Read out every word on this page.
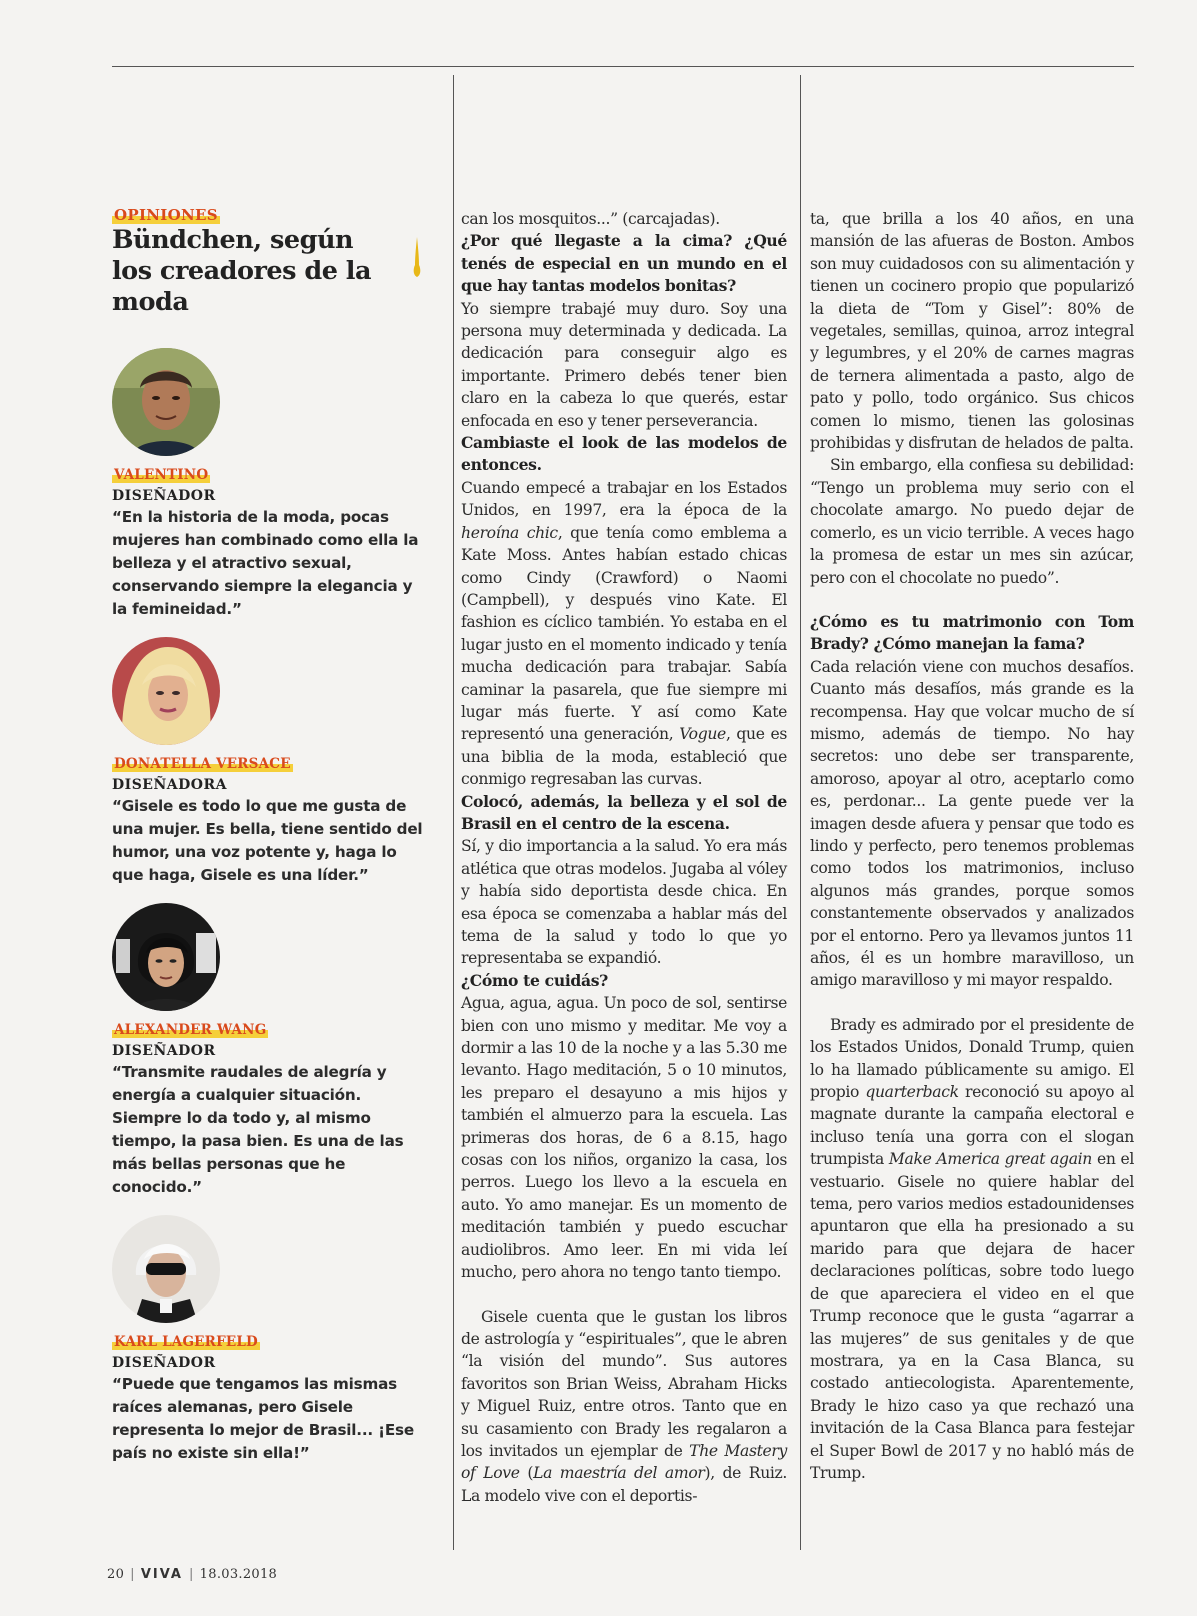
OPINIONES
Bündchen, según
los creadores de la moda
VALENTINO
DISEÑADOR

“En la historia de la moda, pocas mujeres han combinado como ella la belleza y el atractivo sexual, conservando siempre la elegancia y la femineidad.”

DONATELLA VERSACE
DISEÑADORA

“Gisele es todo lo que me gusta de una mujer. Es bella, tiene sentido del humor, una voz potente y, haga lo que haga, Gisele es una líder.”

ALEXANDER WANG
DISEÑADOR

“Transmite raudales de alegría y energía a cualquier situación. Siempre lo da todo y, al mismo tiempo, la pasa bien. Es una de las más bellas personas que he conocido.”

KARL LAGERFELD
DISEÑADOR

“Puede que tengamos las mismas raíces alemanas, pero Gisele representa lo mejor de Brasil... ¡Ese país no existe sin ella!”

can los mosquitos...” (carcajadas).

¿Por qué llegaste a la cima? ¿Qué tenés de especial en un mundo en el que hay tantas modelos bonitas?

Yo siempre trabajé muy duro. Soy una persona muy determinada y dedicada. La dedicación para conseguir algo es importante. Primero debés tener bien claro en la cabeza lo que querés, estar enfocada en eso y tener perseverancia.

Cambiaste el look de las modelos de entonces.

Cuando empecé a trabajar en los Estados Unidos, en 1997, era la época de la heroína chic, que tenía como emblema a Kate Moss. Antes habían estado chicas como Cindy (Crawford) o Naomi (Campbell), y después vino Kate. El fashion es cíclico también. Yo estaba en el lugar justo en el momento indicado y tenía mucha dedicación para trabajar. Sabía caminar la pasarela, que fue siempre mi lugar más fuerte. Y así como Kate representó una generación, Vogue, que es una biblia de la moda, estableció que conmigo regresaban las curvas.

Colocó, además, la belleza y el sol de Brasil en el centro de la escena.

Sí, y dio importancia a la salud. Yo era más atlética que otras modelos. Jugaba al vóley y había sido deportista desde chica. En esa época se comenzaba a hablar más del tema de la salud y todo lo que yo representaba se expandió.

¿Cómo te cuidás?

Agua, agua, agua. Un poco de sol, sentirse bien con uno mismo y meditar. Me voy a dormir a las 10 de la noche y a las 5.30 me levanto. Hago meditación, 5 o 10 minutos, les preparo el desayuno a mis hijos y también el almuerzo para la escuela. Las primeras dos horas, de 6 a 8.15, hago cosas con los niños, organizo la casa, los perros. Luego los llevo a la escuela en auto. Yo amo manejar. Es un momento de meditación también y puedo escuchar audiolibros. Amo leer. En mi vida leí mucho, pero ahora no tengo tanto tiempo.

Gisele cuenta que le gustan los libros de astrología y “espirituales”, que le abren “la visión del mundo”. Sus autores favoritos son Brian Weiss, Abraham Hicks y Miguel Ruiz, entre otros. Tanto que en su casamiento con Brady les regalaron a los invitados un ejemplar de The Mastery of Love (La maestría del amor), de Ruiz. La modelo vive con el deportis-

ta, que brilla a los 40 años, en una mansión de las afueras de Boston. Ambos son muy cuidadosos con su alimentación y tienen un cocinero propio que popularizó la dieta de “Tom y Gisel”: 80% de vegetales, semillas, quinoa, arroz integral y legumbres, y el 20% de carnes magras de ternera alimentada a pasto, algo de pato y pollo, todo orgánico. Sus chicos comen lo mismo, tienen las golosinas prohibidas y disfrutan de helados de palta.

Sin embargo, ella confiesa su debilidad: “Tengo un problema muy serio con el chocolate amargo. No puedo dejar de comerlo, es un vicio terrible. A veces hago la promesa de estar un mes sin azúcar, pero con el chocolate no puedo”.

¿Cómo es tu matrimonio con Tom Brady? ¿Cómo manejan la fama?

Cada relación viene con muchos desafíos. Cuanto más desafíos, más grande es la recompensa. Hay que volcar mucho de sí mismo, además de tiempo. No hay secretos: uno debe ser transparente, amoroso, apoyar al otro, aceptarlo como es, perdonar... La gente puede ver la imagen desde afuera y pensar que todo es lindo y perfecto, pero tenemos problemas como todos los matrimonios, incluso algunos más grandes, porque somos constantemente observados y analizados por el entorno. Pero ya llevamos juntos 11 años, él es un hombre maravilloso, un amigo maravilloso y mi mayor respaldo.

Brady es admirado por el presidente de los Estados Unidos, Donald Trump, quien lo ha llamado públicamente su amigo. El propio quarterback reconoció su apoyo al magnate durante la campaña electoral e incluso tenía una gorra con el slogan trumpista Make America great again en el vestuario. Gisele no quiere hablar del tema, pero varios medios estadounidenses apuntaron que ella ha presionado a su marido para que dejara de hacer declaraciones políticas, sobre todo luego de que apareciera el video en el que Trump reconoce que le gusta “agarrar a las mujeres” de sus genitales y de que mostrara, ya en la Casa Blanca, su costado antiecologista. Aparentemente, Brady le hizo caso ya que rechazó una invitación de la Casa Blanca para festejar el Super Bowl de 2017 y no habló más de Trump.

20 | VIVA | 18.03.2018
